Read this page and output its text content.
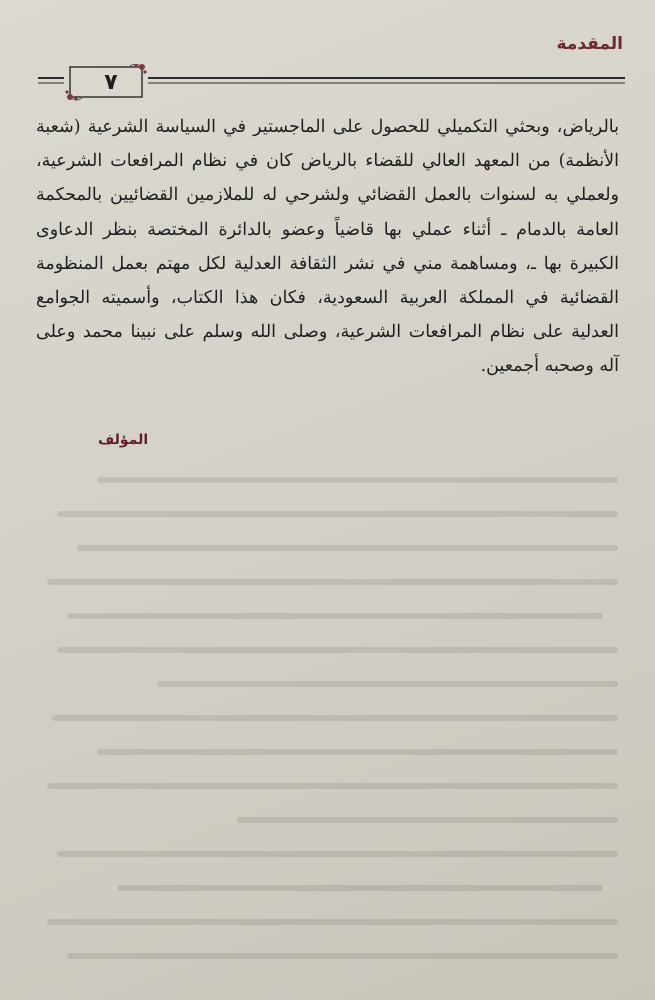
المقدمة
٧

بالرياض، وبحثي التكميلي للحصول على الماجستير في السياسة الشرعية (شعبة الأنظمة) من المعهد العالي للقضاء بالرياض كان في نظام المرافعات الشرعية، ولعملي به لسنوات بالعمل القضائي ولشرحي له للملازمين القضائيين بالمحكمة العامة بالدمام ـ أثناء عملي بها قاضياً وعضو بالدائرة المختصة بنظر الدعاوى الكبيرة بها ـ، ومساهمة مني في نشر الثقافة العدلية لكل مهتم بعمل المنظومة القضائية في المملكة العربية السعودية، فكان هذا الكتاب، وأسميته الجوامع العدلية على نظام المرافعات الشرعية، وصلى الله وسلم على نبينا محمد وعلى آله وصحبه أجمعين.

المؤلف
